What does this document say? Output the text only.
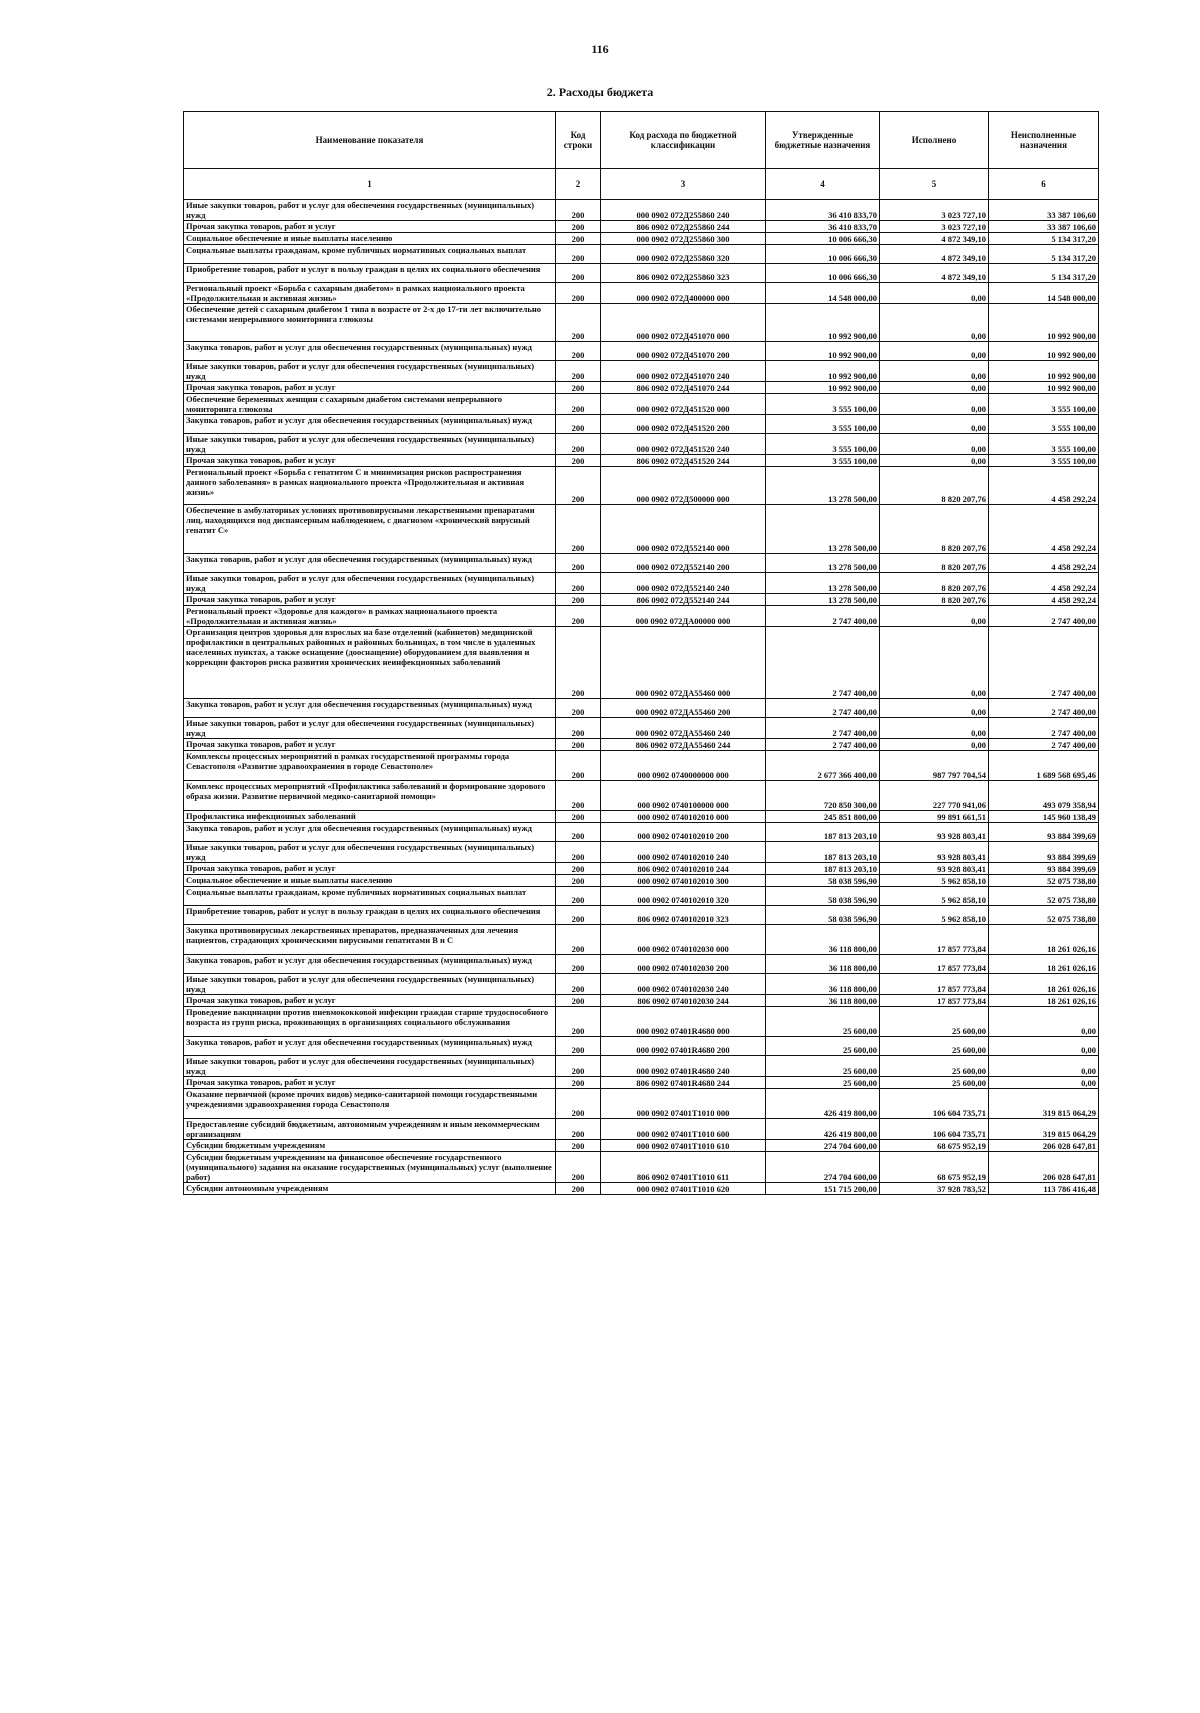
116
2. Расходы бюджета
Наименование показателя	Код строки	Код расхода по бюджетной классификации	Утвержденные бюджетные назначения	Исполнено	Неисполненные назначения
1	2	3	4	5	6
Иные закупки товаров, работ и услуг для обеспечения государственных (муниципальных) нужд	200	000 0902 072Д255860 240	36 410 833,70	3 023 727,10	33 387 106,60
Прочая закупка товаров, работ и услуг	200	806 0902 072Д255860 244	36 410 833,70	3 023 727,10	33 387 106,60
Социальное обеспечение и иные выплаты населению	200	000 0902 072Д255860 300	10 006 666,30	4 872 349,10	5 134 317,20
Социальные выплаты гражданам, кроме публичных нормативных социальных выплат	200	000 0902 072Д255860 320	10 006 666,30	4 872 349,10	5 134 317,20
Приобретение товаров, работ и услуг в пользу граждан в целях их социального обеспечения	200	806 0902 072Д255860 323	10 006 666,30	4 872 349,10	5 134 317,20
Региональный проект «Борьба с сахарным диабетом» в рамках национального проекта «Продолжительная и активная жизнь»	200	000 0902 072Д400000 000	14 548 000,00	0,00	14 548 000,00
Обеспечение детей с сахарным диабетом 1 типа в возрасте от 2-х до 17-ти лет включительно системами непрерывного мониторинга глюкозы	200	000 0902 072Д451070 000	10 992 900,00	0,00	10 992 900,00
Закупка товаров, работ и услуг для обеспечения государственных (муниципальных) нужд	200	000 0902 072Д451070 200	10 992 900,00	0,00	10 992 900,00
Иные закупки товаров, работ и услуг для обеспечения государственных (муниципальных) нужд	200	000 0902 072Д451070 240	10 992 900,00	0,00	10 992 900,00
Прочая закупка товаров, работ и услуг	200	806 0902 072Д451070 244	10 992 900,00	0,00	10 992 900,00
Обеспечение беременных женщин с сахарным диабетом системами непрерывного мониторинга глюкозы	200	000 0902 072Д451520 000	3 555 100,00	0,00	3 555 100,00
Закупка товаров, работ и услуг для обеспечения государственных (муниципальных) нужд	200	000 0902 072Д451520 200	3 555 100,00	0,00	3 555 100,00
Иные закупки товаров, работ и услуг для обеспечения государственных (муниципальных) нужд	200	000 0902 072Д451520 240	3 555 100,00	0,00	3 555 100,00
Прочая закупка товаров, работ и услуг	200	806 0902 072Д451520 244	3 555 100,00	0,00	3 555 100,00
Региональный проект «Борьба с гепатитом С и минимизация рисков распространения данного заболевания» в рамках национального проекта «Продолжительная и активная жизнь»	200	000 0902 072Д500000 000	13 278 500,00	8 820 207,76	4 458 292,24
Обеспечение в амбулаторных условиях противовирусными лекарственными препаратами лиц, находящихся под диспансерным наблюдением, с диагнозом «хронический вирусный гепатит С»	200	000 0902 072Д552140 000	13 278 500,00	8 820 207,76	4 458 292,24
Закупка товаров, работ и услуг для обеспечения государственных (муниципальных) нужд	200	000 0902 072Д552140 200	13 278 500,00	8 820 207,76	4 458 292,24
Иные закупки товаров, работ и услуг для обеспечения государственных (муниципальных) нужд	200	000 0902 072Д552140 240	13 278 500,00	8 820 207,76	4 458 292,24
Прочая закупка товаров, работ и услуг	200	806 0902 072Д552140 244	13 278 500,00	8 820 207,76	4 458 292,24
Региональный проект «Здоровье для каждого» в рамках национального проекта «Продолжительная и активная жизнь»	200	000 0902 072ДА00000 000	2 747 400,00	0,00	2 747 400,00
Организация центров здоровья для взрослых на базе отделений (кабинетов) медицинской профилактики в центральных районных и районных больницах, в том числе в удаленных населенных пунктах, а также оснащение (дооснащение) оборудованием для выявления и коррекции факторов риска развития хронических неинфекционных заболеваний	200	000 0902 072ДА55460 000	2 747 400,00	0,00	2 747 400,00
Закупка товаров, работ и услуг для обеспечения государственных (муниципальных) нужд	200	000 0902 072ДА55460 200	2 747 400,00	0,00	2 747 400,00
Иные закупки товаров, работ и услуг для обеспечения государственных (муниципальных) нужд	200	000 0902 072ДА55460 240	2 747 400,00	0,00	2 747 400,00
Прочая закупка товаров, работ и услуг	200	806 0902 072ДА55460 244	2 747 400,00	0,00	2 747 400,00
Комплексы процессных мероприятий в рамках государственной программы города Севастополя «Развитие здравоохранения в городе Севастополе»	200	000 0902 0740000000 000	2 677 366 400,00	987 797 704,54	1 689 568 695,46
Комплекс процессных мероприятий «Профилактика заболеваний и формирование здорового образа жизни. Развитие первичной медико-санитарной помощи»	200	000 0902 0740100000 000	720 850 300,00	227 770 941,06	493 079 358,94
Профилактика инфекционных заболеваний	200	000 0902 0740102010 000	245 851 800,00	99 891 661,51	145 960 138,49
Закупка товаров, работ и услуг для обеспечения государственных (муниципальных) нужд	200	000 0902 0740102010 200	187 813 203,10	93 928 803,41	93 884 399,69
Иные закупки товаров, работ и услуг для обеспечения государственных (муниципальных) нужд	200	000 0902 0740102010 240	187 813 203,10	93 928 803,41	93 884 399,69
Прочая закупка товаров, работ и услуг	200	806 0902 0740102010 244	187 813 203,10	93 928 803,41	93 884 399,69
Социальное обеспечение и иные выплаты населению	200	000 0902 0740102010 300	58 038 596,90	5 962 858,10	52 075 738,80
Социальные выплаты гражданам, кроме публичных нормативных социальных выплат	200	000 0902 0740102010 320	58 038 596,90	5 962 858,10	52 075 738,80
Приобретение товаров, работ и услуг в пользу граждан в целях их социального обеспечения	200	806 0902 0740102010 323	58 038 596,90	5 962 858,10	52 075 738,80
Закупка противовирусных лекарственных препаратов, предназначенных для лечения пациентов, страдающих хроническими вирусными гепатитами В и С	200	000 0902 0740102030 000	36 118 800,00	17 857 773,84	18 261 026,16
Закупка товаров, работ и услуг для обеспечения государственных (муниципальных) нужд	200	000 0902 0740102030 200	36 118 800,00	17 857 773,84	18 261 026,16
Иные закупки товаров, работ и услуг для обеспечения государственных (муниципальных) нужд	200	000 0902 0740102030 240	36 118 800,00	17 857 773,84	18 261 026,16
Прочая закупка товаров, работ и услуг	200	806 0902 0740102030 244	36 118 800,00	17 857 773,84	18 261 026,16
Проведение вакцинации против пневмококковой инфекции граждан старше трудоспособного возраста из групп риска, проживающих в организациях социального обслуживания	200	000 0902 07401R4680 000	25 600,00	25 600,00	0,00
Закупка товаров, работ и услуг для обеспечения государственных (муниципальных) нужд	200	000 0902 07401R4680 200	25 600,00	25 600,00	0,00
Иные закупки товаров, работ и услуг для обеспечения государственных (муниципальных) нужд	200	000 0902 07401R4680 240	25 600,00	25 600,00	0,00
Прочая закупка товаров, работ и услуг	200	806 0902 07401R4680 244	25 600,00	25 600,00	0,00
Оказание первичной (кроме прочих видов) медико-санитарной помощи государственными учреждениями здравоохранения города Севастополя	200	000 0902 07401T1010 000	426 419 800,00	106 604 735,71	319 815 064,29
Предоставление субсидий бюджетным, автономным учреждениям и иным некоммерческим организациям	200	000 0902 07401T1010 600	426 419 800,00	106 604 735,71	319 815 064,29
Субсидии бюджетным учреждениям	200	000 0902 07401T1010 610	274 704 600,00	68 675 952,19	206 028 647,81
Субсидии бюджетным учреждениям на финансовое обеспечение государственного (муниципального) задания на оказание государственных (муниципальных) услуг (выполнение работ)	200	806 0902 07401T1010 611	274 704 600,00	68 675 952,19	206 028 647,81
Субсидии автономным учреждениям	200	000 0902 07401T1010 620	151 715 200,00	37 928 783,52	113 786 416,48
